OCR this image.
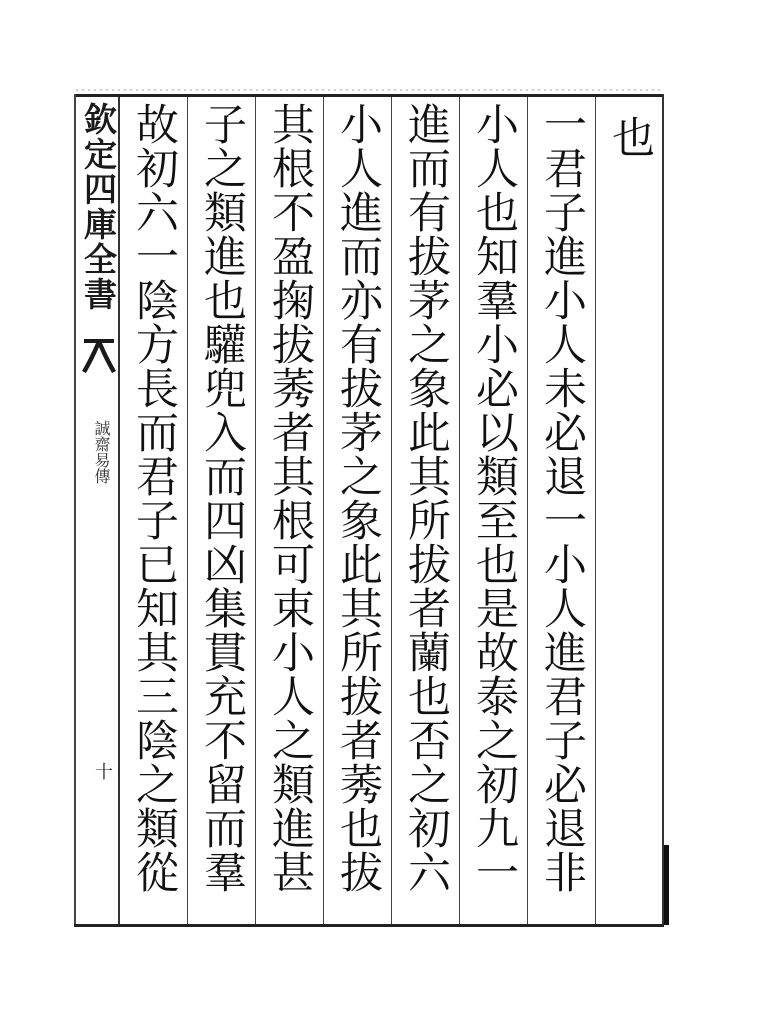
欽定四庫全書
誠齋易傳
十
也
一君子進小人未必退一小人進君子必退非
小人也知羣小必以類至也是故泰之初九一
進而有拔茅之象此其所拔者蘭也否之初六
小人進而亦有拔茅之象此其所拔者莠也拔
其根不盈掬拔莠者其根可束小人之類進甚
子之類進也驩兜入而四凶集貫充不留而羣
故初六一陰方長而君子已知其三陰之類從
